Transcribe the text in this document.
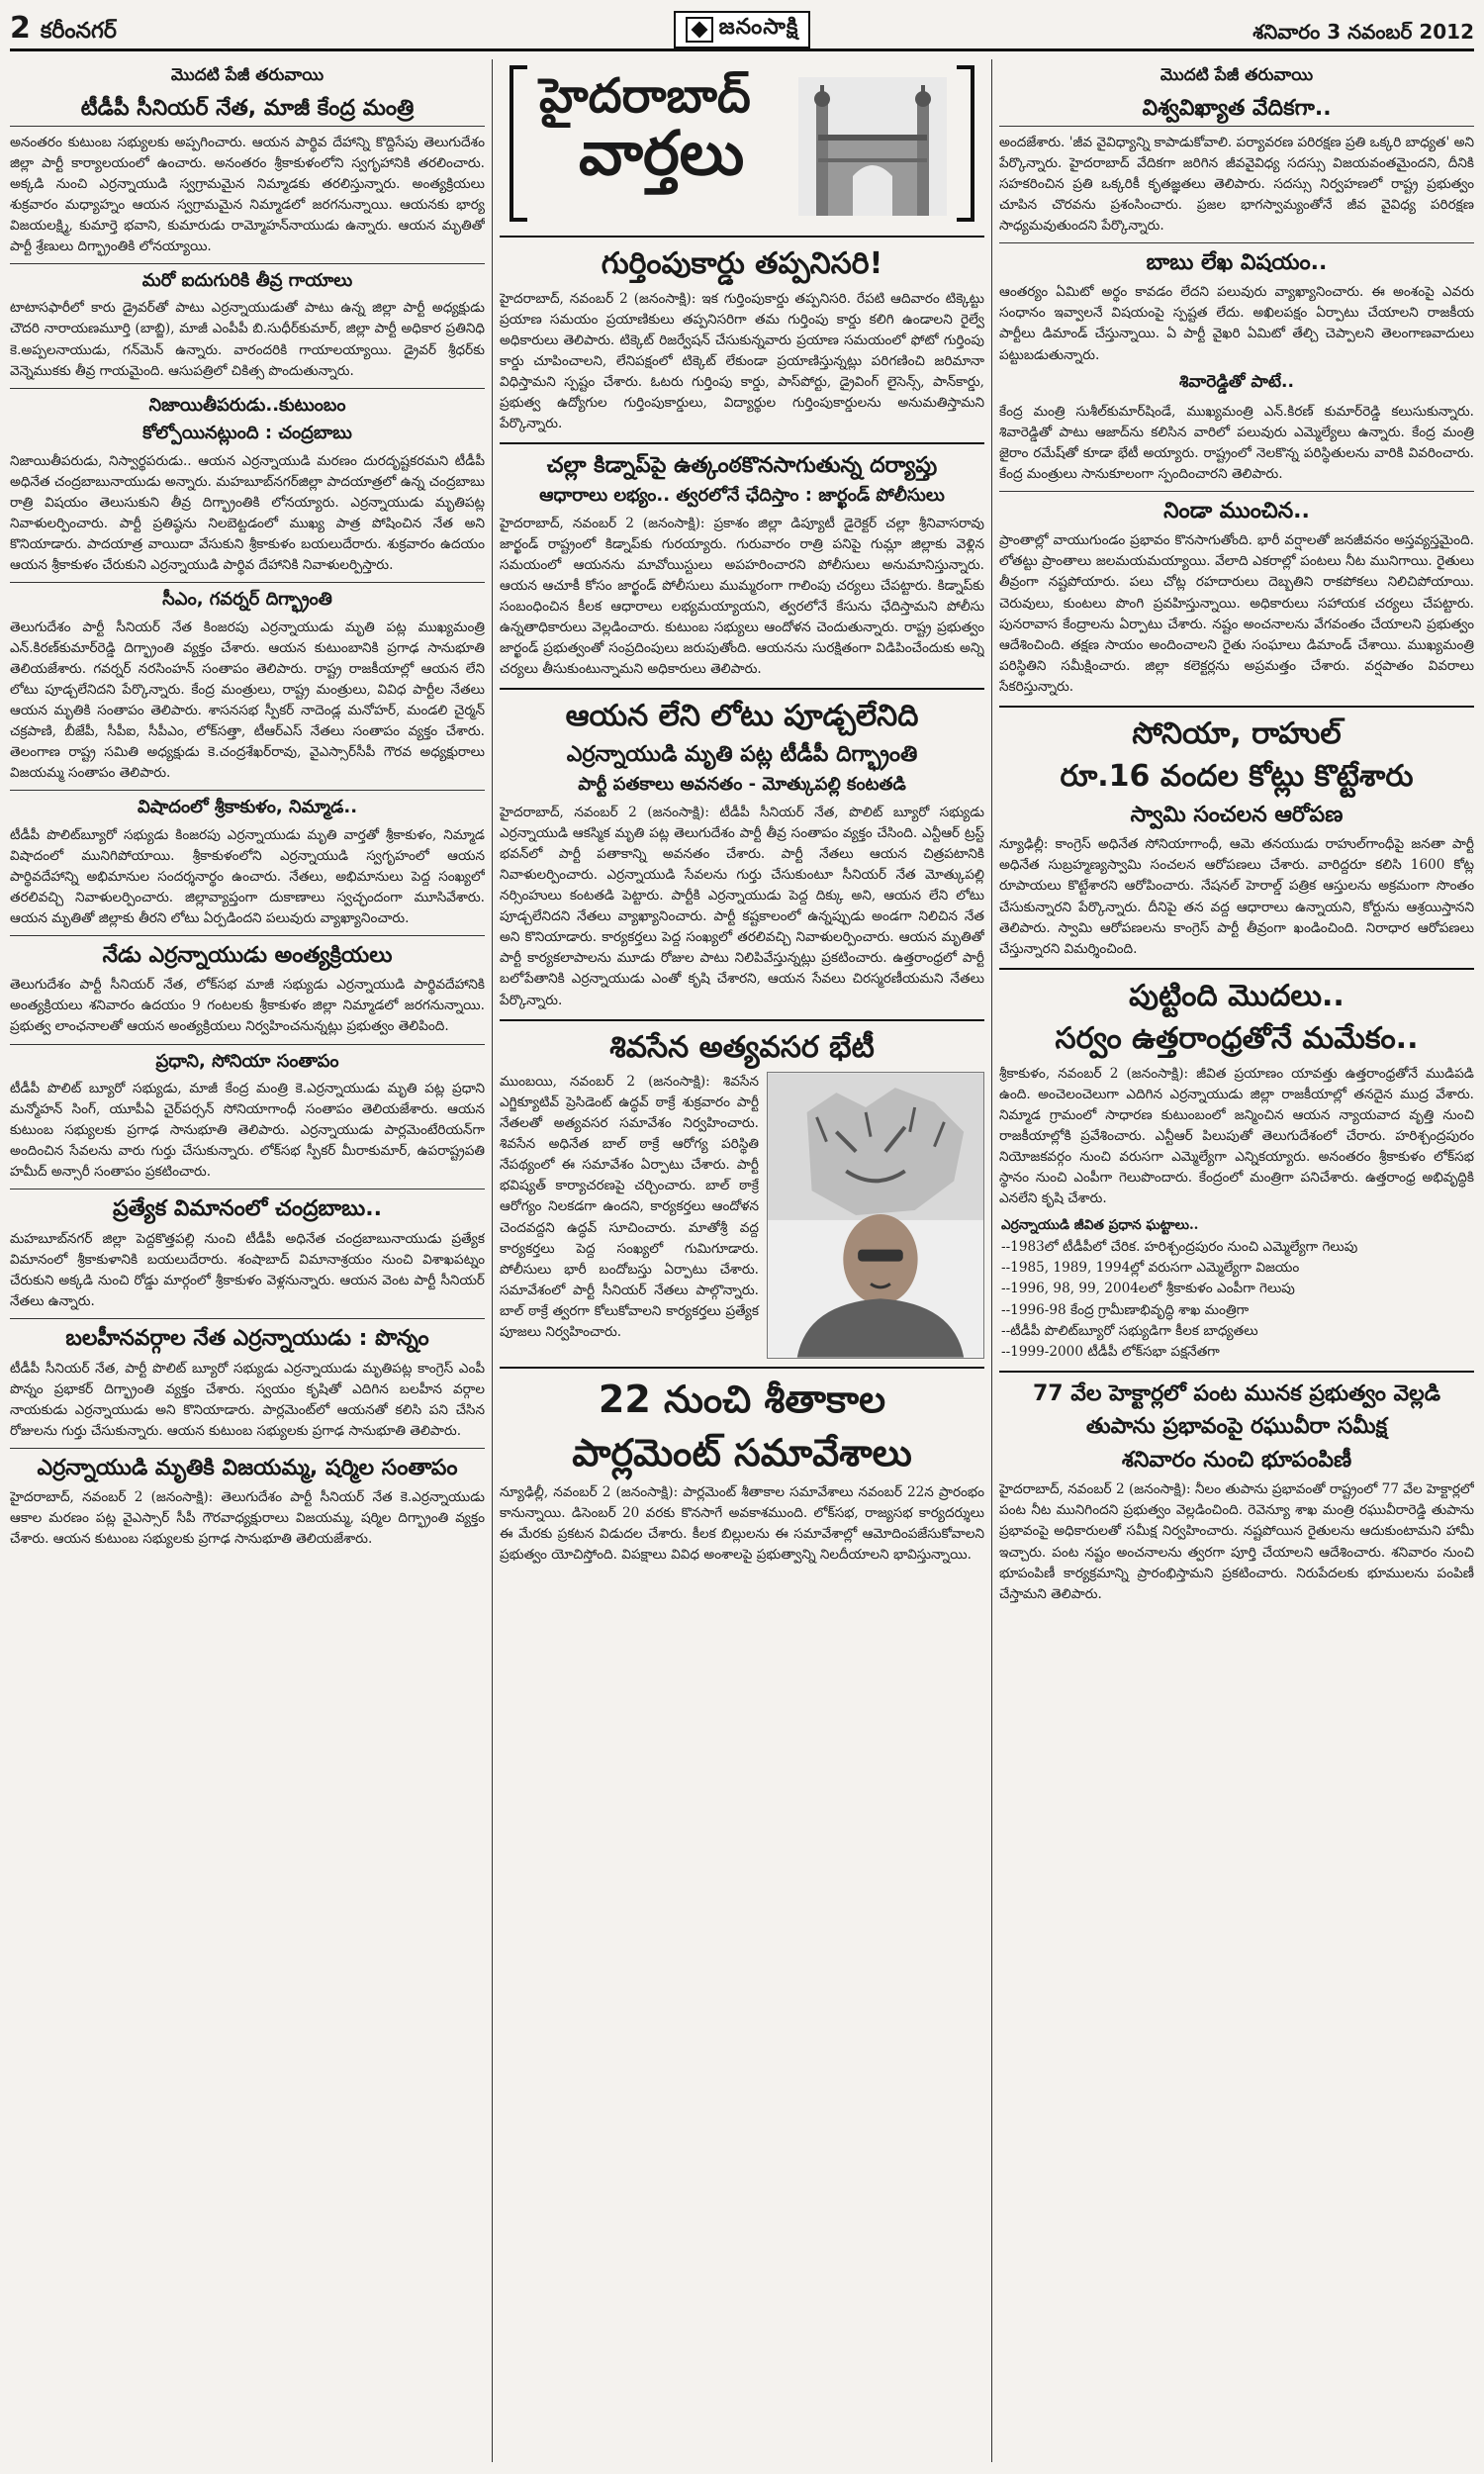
2 కరీంనగర్	జనంసాక్షి	శనివారం 3 నవంబర్ 2012
మొదటి పేజీ తరువాయి
టీడీపీ సీనియర్‌ నేత, మాజీ కేంద్ర మంత్రి
అనంతరం కుటుంబ సభ్యులకు అప్పగించారు. ఆయన పార్థివ దేహాన్ని కొద్దిసేపు తెలుగుదేశం జిల్లా పార్టీ కార్యాలయంలో ఉంచారు. అనంతరం శ్రీకాకుళంలోని స్వగృహానికి తరలించారు. అక్కడి నుంచి ఎర్రన్నాయుడి స్వగ్రామమైన నిమ్మాడకు తరలిస్తున్నారు. అంత్యక్రియలు శుక్రవారం మధ్యాహ్నం ఆయన స్వగ్రామమైన నిమ్మాడలో జరగనున్నాయి. ఆయనకు భార్య విజయలక్ష్మి, కుమార్తె భవాని, కుమారుడు రామ్మోహన్‌నాయుడు ఉన్నారు. ఆయన మృతితో పార్టీ శ్రేణులు దిగ్భ్రాంతికి లోనయ్యాయి.
మరో ఐదుగురికి తీవ్ర గాయాలు
టాటాసఫారీలో కారు డ్రైవర్‌తో పాటు ఎర్రన్నాయుడుతో పాటు ఉన్న జిల్లా పార్టీ అధ్యక్షుడు చౌదరి నారాయణమూర్తి (బాబ్జి), మాజీ ఎంపీపీ బి.సుధీర్‌కుమార్‌, జిల్లా పార్టీ అధికార ప్రతినిధి కె.అప్పలనాయుడు, గన్‌మెన్‌ ఉన్నారు. వారందరికి గాయాలయ్యాయి. డ్రైవర్‌ శ్రీధర్‌కు వెన్నెముకకు తీవ్ర గాయమైంది. ఆసుపత్రిలో చికిత్స పొందుతున్నారు.
నిజాయితీపరుడు..కుటుంబం
కోల్పోయినట్లుంది : చంద్రబాబు
నిజాయితీపరుడు, నిస్వార్థపరుడు.. ఆయన ఎర్రన్నాయుడి మరణం దురదృష్టకరమని టీడీపీ అధినేత చంద్రబాబునాయుడు అన్నారు. మహబూబ్‌నగర్‌జిల్లా పాదయాత్రలో ఉన్న చంద్రబాబు రాత్రి విషయం తెలుసుకుని తీవ్ర దిగ్భ్రాంతికి లోనయ్యారు. ఎర్రన్నాయుడు మృతిపట్ల నివాళులర్పించారు. పార్టీ ప్రతిష్ఠను నిలబెట్టడంలో ముఖ్య పాత్ర పోషించిన నేత అని కొనియాడారు. పాదయాత్ర వాయిదా వేసుకుని శ్రీకాకుళం బయలుదేరారు. శుక్రవారం ఉదయం ఆయన శ్రీకాకుళం చేరుకుని ఎర్రన్నాయుడి పార్థివ దేహానికి నివాళులర్పిస్తారు.
సీఎం, గవర్నర్‌ దిగ్భ్రాంతి
తెలుగుదేశం పార్టీ సీనియర్‌ నేత కింజరపు ఎర్రన్నాయుడు మృతి పట్ల ముఖ్యమంత్రి ఎన్‌.కిరణ్‌కుమార్‌రెడ్డి దిగ్భ్రాంతి వ్యక్తం చేశారు. ఆయన కుటుంబానికి ప్రగాఢ సానుభూతి తెలియజేశారు. గవర్నర్‌ నరసింహన్‌ సంతాపం తెలిపారు. రాష్ట్ర రాజకీయాల్లో ఆయన లేని లోటు పూడ్చలేనిదని పేర్కొన్నారు. కేంద్ర మంత్రులు, రాష్ట్ర మంత్రులు, వివిధ పార్టీల నేతలు ఆయన మృతికి సంతాపం తెలిపారు. శాసనసభ స్పీకర్‌ నాదెండ్ల మనోహర్‌, మండలి చైర్మన్‌ చక్రపాణి, బీజేపీ, సీపీఐ, సీపీఎం, లోక్‌సత్తా, టీఆర్‌ఎస్‌ నేతలు సంతాపం వ్యక్తం చేశారు. తెలంగాణ రాష్ట్ర సమితి అధ్యక్షుడు కె.చంద్రశేఖర్‌రావు, వైఎస్సార్‌సీపీ గౌరవ అధ్యక్షురాలు విజయమ్మ సంతాపం తెలిపారు.
విషాదంలో శ్రీకాకుళం, నిమ్మాడ..
టీడీపీ పొలిట్‌బ్యూరో సభ్యుడు కింజరపు ఎర్రన్నాయుడు మృతి వార్తతో శ్రీకాకుళం, నిమ్మాడ విషాదంలో మునిగిపోయాయి. శ్రీకాకుళంలోని ఎర్రన్నాయుడి స్వగృహంలో ఆయన పార్థివదేహాన్ని అభిమానుల సందర్శనార్థం ఉంచారు. నేతలు, అభిమానులు పెద్ద సంఖ్యలో తరలివచ్చి నివాళులర్పించారు. జిల్లావ్యాప్తంగా దుకాణాలు స్వచ్ఛందంగా మూసివేశారు. ఆయన మృతితో జిల్లాకు తీరని లోటు ఏర్పడిందని పలువురు వ్యాఖ్యానించారు.
నేడు ఎర్రన్నాయుడు అంత్యక్రియలు
తెలుగుదేశం పార్టీ సీనియర్‌ నేత, లోక్‌సభ మాజీ సభ్యుడు ఎర్రన్నాయుడి పార్థివదేహానికి అంత్యక్రియలు శనివారం ఉదయం 9 గంటలకు శ్రీకాకుళం జిల్లా నిమ్మాడలో జరగనున్నాయి. ప్రభుత్వ లాంఛనాలతో ఆయన అంత్యక్రియలు నిర్వహించనున్నట్లు ప్రభుత్వం తెలిపింది.
ప్రధాని, సోనియా సంతాపం
టీడీపీ పొలిట్‌ బ్యూరో సభ్యుడు, మాజీ కేంద్ర మంత్రి కె.ఎర్రన్నాయుడు మృతి పట్ల ప్రధాని మన్మోహన్‌ సింగ్‌, యూపీఏ చైర్‌పర్సన్‌ సోనియాగాంధీ సంతాపం తెలియజేశారు. ఆయన కుటుంబ సభ్యులకు ప్రగాఢ సానుభూతి తెలిపారు. ఎర్రన్నాయుడు పార్లమెంటేరియన్‌గా అందించిన సేవలను వారు గుర్తు చేసుకున్నారు. లోక్‌సభ స్పీకర్‌ మీరాకుమార్‌, ఉపరాష్ట్రపతి హమీద్‌ అన్సారీ సంతాపం ప్రకటించారు.
ప్రత్యేక విమానంలో చంద్రబాబు..
మహబూబ్‌నగర్‌ జిల్లా పెద్దకొత్తపల్లి నుంచి టీడీపీ అధినేత చంద్రబాబునాయుడు ప్రత్యేక విమానంలో శ్రీకాకుళానికి బయలుదేరారు. శంషాబాద్‌ విమానాశ్రయం నుంచి విశాఖపట్నం చేరుకుని అక్కడి నుంచి రోడ్డు మార్గంలో శ్రీకాకుళం వెళ్లనున్నారు. ఆయన వెంట పార్టీ సీనియర్‌ నేతలు ఉన్నారు.
బలహీనవర్గాల నేత ఎర్రన్నాయుడు : పొన్నం
టీడీపీ సీనియర్‌ నేత, పార్టీ పొలిట్‌ బ్యూరో సభ్యుడు ఎర్రన్నాయుడు మృతిపట్ల కాంగ్రెస్‌ ఎంపీ పొన్నం ప్రభాకర్‌ దిగ్భ్రాంతి వ్యక్తం చేశారు. స్వయం కృషితో ఎదిగిన బలహీన వర్గాల నాయకుడు ఎర్రన్నాయుడు అని కొనియాడారు. పార్లమెంట్‌లో ఆయనతో కలిసి పని చేసిన రోజులను గుర్తు చేసుకున్నారు. ఆయన కుటుంబ సభ్యులకు ప్రగాఢ సానుభూతి తెలిపారు.
ఎర్రన్నాయుడి మృతికి విజయమ్మ, షర్మిల సంతాపం
హైదరాబాద్‌, నవంబర్‌ 2 (జనంసాక్షి): తెలుగుదేశం పార్టీ సీనియర్‌ నేత కె.ఎర్రన్నాయుడు ఆకాల మరణం పట్ల వైఎస్సార్‌ సీపీ గౌరవాధ్యక్షురాలు విజయమ్మ, షర్మిల దిగ్భ్రాంతి వ్యక్తం చేశారు. ఆయన కుటుంబ సభ్యులకు ప్రగాఢ సానుభూతి తెలియజేశారు.
హైదరాబాద్‌
వార్తలు
గుర్తింపుకార్డు తప్పనిసరి!
హైదరాబాద్‌, నవంబర్‌ 2 (జనంసాక్షి): ఇక గుర్తింపుకార్డు తప్పనిసరి. రేపటి ఆదివారం టిక్కెట్టు ప్రయాణ సమయం ప్రయాణికులు తప్పనిసరిగా తమ గుర్తింపు కార్డు కలిగి ఉండాలని రైల్వే అధికారులు తెలిపారు. టిక్కెట్‌ రిజర్వేషన్‌ చేసుకున్నవారు ప్రయాణ సమయంలో ఫోటో గుర్తింపు కార్డు చూపించాలని, లేనిపక్షంలో టిక్కెట్‌ లేకుండా ప్రయాణిస్తున్నట్లు పరిగణించి జరిమానా విధిస్తామని స్పష్టం చేశారు. ఓటరు గుర్తింపు కార్డు, పాస్‌పోర్టు, డ్రైవింగ్‌ లైసెన్స్‌, పాన్‌కార్డు, ప్రభుత్వ ఉద్యోగుల గుర్తింపుకార్డులు, విద్యార్థుల గుర్తింపుకార్డులను అనుమతిస్తామని పేర్కొన్నారు.
చల్లా కిడ్నాప్‌పై ఉత్కంఠకొనసాగుతున్న దర్యాప్తు
ఆధారాలు లభ్యం.. త్వరలోనే ఛేదిస్తాం : జార్ఖండ్‌ పోలీసులు
హైదరాబాద్‌, నవంబర్‌ 2 (జనంసాక్షి): ప్రకాశం జిల్లా డిప్యూటీ డైరెక్టర్‌ చల్లా శ్రీనివాసరావు జార్ఖండ్‌ రాష్ట్రంలో కిడ్నాప్‌కు గురయ్యారు. గురువారం రాత్రి పనిపై గుమ్లా జిల్లాకు వెళ్లిన సమయంలో ఆయనను మావోయిస్టులు అపహరించారని పోలీసులు అనుమానిస్తున్నారు. ఆయన ఆచూకీ కోసం జార్ఖండ్‌ పోలీసులు ముమ్మరంగా గాలింపు చర్యలు చేపట్టారు. కిడ్నాప్‌కు సంబంధించిన కీలక ఆధారాలు లభ్యమయ్యాయని, త్వరలోనే కేసును ఛేదిస్తామని పోలీసు ఉన్నతాధికారులు వెల్లడించారు. కుటుంబ సభ్యులు ఆందోళన చెందుతున్నారు. రాష్ట్ర ప్రభుత్వం జార్ఖండ్‌ ప్రభుత్వంతో సంప్రదింపులు జరుపుతోంది. ఆయనను సురక్షితంగా విడిపించేందుకు అన్ని చర్యలు తీసుకుంటున్నామని అధికారులు తెలిపారు.
ఆయన లేని లోటు పూడ్చలేనిది
ఎర్రన్నాయుడి మృతి పట్ల టీడీపీ దిగ్భ్రాంతి
పార్టీ పతకాలు అవనతం - మోత్కుపల్లి కంటతడి
హైదరాబాద్‌, నవంబర్‌ 2 (జనంసాక్షి): టీడీపీ సీనియర్‌ నేత, పొలిట్‌ బ్యూరో సభ్యుడు ఎర్రన్నాయుడి ఆకస్మిక మృతి పట్ల తెలుగుదేశం పార్టీ తీవ్ర సంతాపం వ్యక్తం చేసింది. ఎన్టీఆర్‌ ట్రస్ట్‌ భవన్‌లో పార్టీ పతాకాన్ని అవనతం చేశారు. పార్టీ నేతలు ఆయన చిత్రపటానికి నివాళులర్పించారు. ఎర్రన్నాయుడి సేవలను గుర్తు చేసుకుంటూ సీనియర్‌ నేత మోత్కుపల్లి నర్సింహులు కంటతడి పెట్టారు. పార్టీకి ఎర్రన్నాయుడు పెద్ద దిక్కు అని, ఆయన లేని లోటు పూడ్చలేనిదని నేతలు వ్యాఖ్యానించారు. పార్టీ కష్టకాలంలో ఉన్నప్పుడు అండగా నిలిచిన నేత అని కొనియాడారు. కార్యకర్తలు పెద్ద సంఖ్యలో తరలివచ్చి నివాళులర్పించారు. ఆయన మృతితో పార్టీ కార్యకలాపాలను మూడు రోజుల పాటు నిలిపివేస్తున్నట్లు ప్రకటించారు. ఉత్తరాంధ్రలో పార్టీ బలోపేతానికి ఎర్రన్నాయుడు ఎంతో కృషి చేశారని, ఆయన సేవలు చిరస్మరణీయమని నేతలు పేర్కొన్నారు.
శివసేన అత్యవసర భేటీ
ముంబయి, నవంబర్‌ 2 (జనంసాక్షి): శివసేన ఎగ్జిక్యూటివ్‌ ప్రెసిడెంట్‌ ఉద్ధవ్‌ ఠాక్రే శుక్రవారం పార్టీ నేతలతో అత్యవసర సమావేశం నిర్వహించారు. శివసేన అధినేత బాల్‌ ఠాక్రే ఆరోగ్య పరిస్థితి నేపథ్యంలో ఈ సమావేశం ఏర్పాటు చేశారు. పార్టీ భవిష్యత్‌ కార్యాచరణపై చర్చించారు. బాల్‌ ఠాక్రే ఆరోగ్యం నిలకడగా ఉందని, కార్యకర్తలు ఆందోళన చెందవద్దని ఉద్ధవ్‌ సూచించారు. మాతోశ్రీ వద్ద కార్యకర్తలు పెద్ద సంఖ్యలో గుమిగూడారు. పోలీసులు భారీ బందోబస్తు ఏర్పాటు చేశారు. సమావేశంలో పార్టీ సీనియర్‌ నేతలు పాల్గొన్నారు. బాల్‌ ఠాక్రే త్వరగా కోలుకోవాలని కార్యకర్తలు ప్రత్యేక పూజలు నిర్వహించారు.
22 నుంచి శీతాకాల
పార్లమెంట్‌ సమావేశాలు
న్యూఢిల్లీ, నవంబర్‌ 2 (జనంసాక్షి): పార్లమెంట్‌ శీతాకాల సమావేశాలు నవంబర్‌ 22న ప్రారంభం కానున్నాయి. డిసెంబర్‌ 20 వరకు కొనసాగే అవకాశముంది. లోక్‌సభ, రాజ్యసభ కార్యదర్శులు ఈ మేరకు ప్రకటన విడుదల చేశారు. కీలక బిల్లులను ఈ సమావేశాల్లో ఆమోదింపజేసుకోవాలని ప్రభుత్వం యోచిస్తోంది. విపక్షాలు వివిధ అంశాలపై ప్రభుత్వాన్ని నిలదీయాలని భావిస్తున్నాయి.
మొదటి పేజీ తరువాయి
విశ్వవిఖ్యాత వేదికగా..
అందజేశారు. 'జీవ వైవిధ్యాన్ని కాపాడుకోవాలి. పర్యావరణ పరిరక్షణ ప్రతి ఒక్కరి బాధ్యత' అని పేర్కొన్నారు. హైదరాబాద్‌ వేదికగా జరిగిన జీవవైవిధ్య సదస్సు విజయవంతమైందని, దీనికి సహకరించిన ప్రతి ఒక్కరికీ కృతజ్ఞతలు తెలిపారు. సదస్సు నిర్వహణలో రాష్ట్ర ప్రభుత్వం చూపిన చొరవను ప్రశంసించారు. ప్రజల భాగస్వామ్యంతోనే జీవ వైవిధ్య పరిరక్షణ సాధ్యమవుతుందని పేర్కొన్నారు.
బాబు లేఖ విషయం..
ఆంతర్యం ఏమిటో అర్థం కావడం లేదని పలువురు వ్యాఖ్యానించారు. ఈ అంశంపై ఎవరు సంధానం ఇవ్వాలనే విషయంపై స్పష్టత లేదు. అఖిలపక్షం ఏర్పాటు చేయాలని రాజకీయ పార్టీలు డిమాండ్‌ చేస్తున్నాయి. ఏ పార్టీ వైఖరి ఏమిటో తేల్చి చెప్పాలని తెలంగాణవాదులు పట్టుబడుతున్నారు.
శివారెడ్డితో పాటే..
కేంద్ర మంత్రి సుశీల్‌కుమార్‌షిండే, ముఖ్యమంత్రి ఎన్‌.కిరణ్‌ కుమార్‌రెడ్డి కలుసుకున్నారు. శివారెడ్డితో పాటు ఆజాద్‌ను కలిసిన వారిలో పలువురు ఎమ్మెల్యేలు ఉన్నారు. కేంద్ర మంత్రి జైరాం రమేష్‌తో కూడా భేటీ అయ్యారు. రాష్ట్రంలో నెలకొన్న పరిస్థితులను వారికి వివరించారు. కేంద్ర మంత్రులు సానుకూలంగా స్పందించారని తెలిపారు.
నిండా ముంచిన..
ప్రాంతాల్లో వాయుగుండం ప్రభావం కొనసాగుతోంది. భారీ వర్షాలతో జనజీవనం అస్తవ్యస్తమైంది. లోతట్టు ప్రాంతాలు జలమయమయ్యాయి. వేలాది ఎకరాల్లో పంటలు నీట మునిగాయి. రైతులు తీవ్రంగా నష్టపోయారు. పలు చోట్ల రహదారులు దెబ్బతిని రాకపోకలు నిలిచిపోయాయి. చెరువులు, కుంటలు పొంగి ప్రవహిస్తున్నాయి. అధికారులు సహాయక చర్యలు చేపట్టారు. పునరావాస కేంద్రాలను ఏర్పాటు చేశారు. నష్టం అంచనాలను వేగవంతం చేయాలని ప్రభుత్వం ఆదేశించింది. తక్షణ సాయం అందించాలని రైతు సంఘాలు డిమాండ్‌ చేశాయి. ముఖ్యమంత్రి పరిస్థితిని సమీక్షించారు. జిల్లా కలెక్టర్లను అప్రమత్తం చేశారు. వర్షపాతం వివరాలు సేకరిస్తున్నారు.
సోనియా, రాహుల్‌
రూ.16 వందల కోట్లు కొట్టేశారు
స్వామి సంచలన ఆరోపణ
న్యూఢిల్లీ: కాంగ్రెస్‌ అధినేత సోనియాగాంధీ, ఆమె తనయుడు రాహుల్‌గాంధీపై జనతా పార్టీ అధినేత సుబ్రహ్మణ్యస్వామి సంచలన ఆరోపణలు చేశారు. వారిద్దరూ కలిసి 1600 కోట్ల రూపాయలు కొట్టేశారని ఆరోపించారు. నేషనల్‌ హెరాల్డ్‌ పత్రిక ఆస్తులను అక్రమంగా సొంతం చేసుకున్నారని పేర్కొన్నారు. దీనిపై తన వద్ద ఆధారాలు ఉన్నాయని, కోర్టును ఆశ్రయిస్తానని తెలిపారు. స్వామి ఆరోపణలను కాంగ్రెస్‌ పార్టీ తీవ్రంగా ఖండించింది. నిరాధార ఆరోపణలు చేస్తున్నారని విమర్శించింది.
పుట్టింది మొదలు..
సర్వం ఉత్తరాంధ్రతోనే మమేకం..
శ్రీకాకుళం, నవంబర్‌ 2 (జనంసాక్షి): జీవిత ప్రయాణం యావత్తు ఉత్తరాంధ్రతోనే ముడిపడి ఉంది. అంచెలంచెలుగా ఎదిగిన ఎర్రన్నాయుడు జిల్లా రాజకీయాల్లో తనదైన ముద్ర వేశారు. నిమ్మాడ గ్రామంలో సాధారణ కుటుంబంలో జన్మించిన ఆయన న్యాయవాద వృత్తి నుంచి రాజకీయాల్లోకి ప్రవేశించారు. ఎన్టీఆర్‌ పిలుపుతో తెలుగుదేశంలో చేరారు. హరిశ్చంద్రపురం నియోజకవర్గం నుంచి వరుసగా ఎమ్మెల్యేగా ఎన్నికయ్యారు. అనంతరం శ్రీకాకుళం లోక్‌సభ స్థానం నుంచి ఎంపీగా గెలుపొందారు. కేంద్రంలో మంత్రిగా పనిచేశారు. ఉత్తరాంధ్ర అభివృద్ధికి ఎనలేని కృషి చేశారు.
ఎర్రన్నాయుడి జీవిత ప్రధాన ఘట్టాలు..
--1983లో టీడీపీలో చేరిక. హరిశ్చంద్రపురం నుంచి ఎమ్మెల్యేగా గెలుపు
--1985, 1989, 1994ల్లో వరుసగా ఎమ్మెల్యేగా విజయం
--1996, 98, 99, 2004లలో శ్రీకాకుళం ఎంపీగా గెలుపు
--1996-98 కేంద్ర గ్రామీణాభివృద్ధి శాఖ మంత్రిగా
--టీడీపీ పొలిట్‌బ్యూరో సభ్యుడిగా కీలక బాధ్యతలు
--1999-2000 టీడీపీ లోక్‌సభా పక్షనేతగా
77 వేల హెక్టార్లలో పంట మునక ప్రభుత్వం వెల్లడి
తుపాను ప్రభావంపై రఘువీరా సమీక్ష
శనివారం నుంచి భూపంపిణీ
హైదరాబాద్‌, నవంబర్‌ 2 (జనంసాక్షి): నీలం తుపాను ప్రభావంతో రాష్ట్రంలో 77 వేల హెక్టార్లలో పంట నీట మునిగిందని ప్రభుత్వం వెల్లడించింది. రెవెన్యూ శాఖ మంత్రి రఘువీరారెడ్డి తుపాను ప్రభావంపై అధికారులతో సమీక్ష నిర్వహించారు. నష్టపోయిన రైతులను ఆదుకుంటామని హామీ ఇచ్చారు. పంట నష్టం అంచనాలను త్వరగా పూర్తి చేయాలని ఆదేశించారు. శనివారం నుంచి భూపంపిణీ కార్యక్రమాన్ని ప్రారంభిస్తామని ప్రకటించారు. నిరుపేదలకు భూములను పంపిణీ చేస్తామని తెలిపారు.
